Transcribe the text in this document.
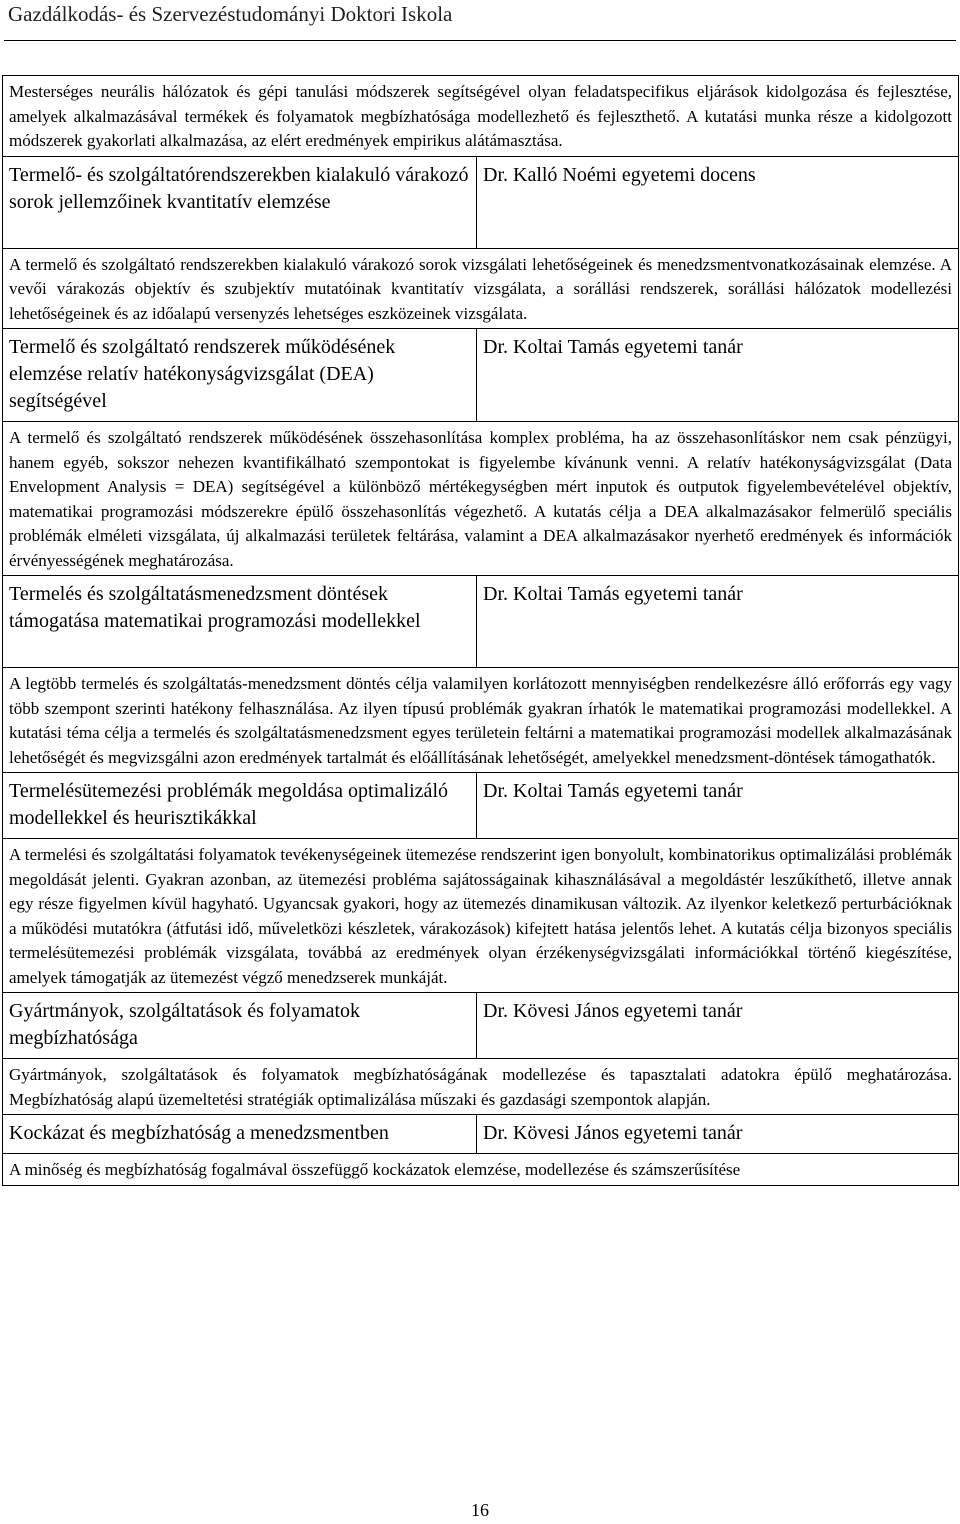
Gazdálkodás- és Szervezéstudományi Doktori Iskola
Mesterséges neurális hálózatok és gépi tanulási módszerek segítségével olyan feladatspecifikus eljárások kidolgozása és fejlesztése, amelyek alkalmazásával termékek és folyamatok megbízhatósága modellezhető és fejleszthető. A kutatási munka része a kidolgozott módszerek gyakorlati alkalmazása, az elért eredmények empirikus alátámasztása.	
Termelő- és szolgáltatórendszerekben kialakuló várakozó sorok jellemzőinek kvantitatív elemzése	Dr. Kalló Noémi egyetemi docens
A termelő és szolgáltató rendszerekben kialakuló várakozó sorok vizsgálati lehetőségeinek és menedzsmentvonatkozásainak elemzése. A vevői várakozás objektív és szubjektív mutatóinak kvantitatív vizsgálata, a sorállási rendszerek, sorállási hálózatok modellezési lehetőségeinek és az időalapú versenyzés lehetséges eszközeinek vizsgálata.	
Termelő és szolgáltató rendszerek működésének elemzése relatív hatékonyságvizsgálat (DEA) segítségével	Dr. Koltai Tamás egyetemi tanár
A termelő és szolgáltató rendszerek működésének összehasonlítása komplex probléma, ha az összehasonlításkor nem csak pénzügyi, hanem egyéb, sokszor nehezen kvantifikálható szempontokat is figyelembe kívánunk venni. A relatív hatékonyságvizsgálat (Data Envelopment Analysis = DEA) segítségével a különböző mértékegységben mért inputok és outputok figyelembevételével objektív, matematikai programozási módszerekre épülő összehasonlítás végezhető. A kutatás célja a DEA alkalmazásakor felmerülő speciális problémák elméleti vizsgálata, új alkalmazási területek feltárása, valamint a DEA alkalmazásakor nyerhető eredmények és információk érvényességének meghatározása.	
Termelés és szolgáltatásmenedzsment döntések támogatása matematikai programozási modellekkel	Dr. Koltai Tamás egyetemi tanár
A legtöbb termelés és szolgáltatás-menedzsment döntés célja valamilyen korlátozott mennyiségben rendelkezésre álló erőforrás egy vagy több szempont szerinti hatékony felhasználása. Az ilyen típusú problémák gyakran írhatók le matematikai programozási modellekkel. A kutatási téma célja a termelés és szolgáltatásmenedzsment egyes területein feltárni a matematikai programozási modellek alkalmazásának lehetőségét és megvizsgálni azon eredmények tartalmát és előállításának lehetőségét, amelyekkel menedzsment-döntések támogathatók.	
Termelésütemezési problémák megoldása optimalizáló modellekkel és heurisztikákkal	Dr. Koltai Tamás egyetemi tanár
A termelési és szolgáltatási folyamatok tevékenységeinek ütemezése rendszerint igen bonyolult, kombinatorikus optimalizálási problémák megoldását jelenti. Gyakran azonban, az ütemezési probléma sajátosságainak kihasználásával a megoldástér leszűkíthető, illetve annak egy része figyelmen kívül hagyható. Ugyancsak gyakori, hogy az ütemezés dinamikusan változik. Az ilyenkor keletkező perturbációknak a működési mutatókra (átfutási idő, műveletközi készletek, várakozások) kifejtett hatása jelentős lehet. A kutatás célja bizonyos speciális termelésütemezési problémák vizsgálata, továbbá az eredmények olyan érzékenységvizsgálati információkkal történő kiegészítése, amelyek támogatják az ütemezést végző menedzserek munkáját.	
Gyártmányok, szolgáltatások és folyamatok megbízhatósága	Dr. Kövesi János egyetemi tanár
Gyártmányok, szolgáltatások és folyamatok megbízhatóságának modellezése és tapasztalati adatokra épülő meghatározása. Megbízhatóság alapú üzemeltetési stratégiák optimalizálása műszaki és gazdasági szempontok alapján.	
Kockázat és megbízhatóság a menedzsmentben	Dr. Kövesi János egyetemi tanár
A minőség és megbízhatóság fogalmával összefüggő kockázatok elemzése, modellezése és számszerűsítése	
16
